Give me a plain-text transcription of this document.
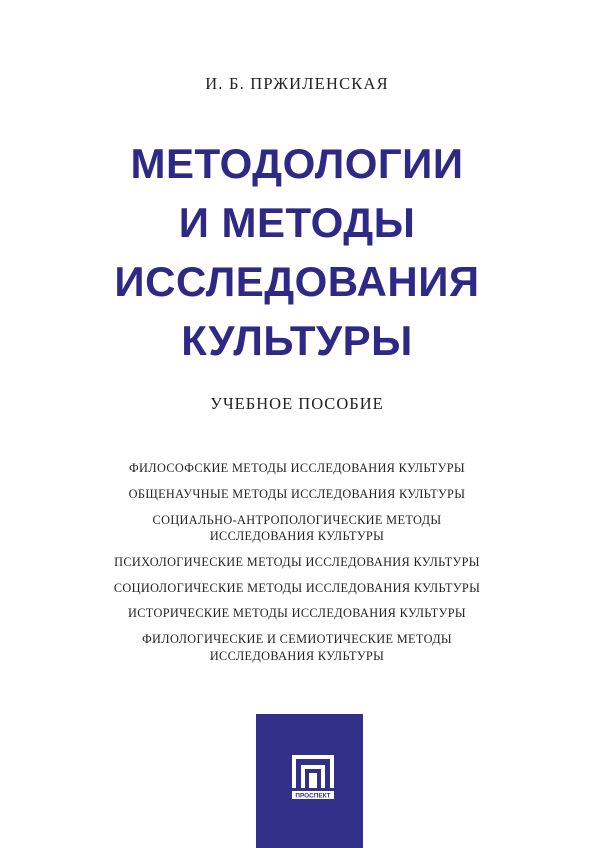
И. Б. ПРЖИЛЕНСКАЯ
МЕТОДОЛОГИИ
И МЕТОДЫ
ИССЛЕДОВАНИЯ
КУЛЬТУРЫ
УЧЕБНОЕ ПОСОБИЕ
ФИЛОСОФСКИЕ МЕТОДЫ ИССЛЕДОВАНИЯ КУЛЬТУРЫ
ОБЩЕНАУЧНЫЕ МЕТОДЫ ИССЛЕДОВАНИЯ КУЛЬТУРЫ
СОЦИАЛЬНО-АНТРОПОЛОГИЧЕСКИЕ МЕТОДЫ
ИССЛЕДОВАНИЯ КУЛЬТУРЫ
ПСИХОЛОГИЧЕСКИЕ МЕТОДЫ ИССЛЕДОВАНИЯ КУЛЬТУРЫ
СОЦИОЛОГИЧЕСКИЕ МЕТОДЫ ИССЛЕДОВАНИЯ КУЛЬТУРЫ
ИСТОРИЧЕСКИЕ МЕТОДЫ ИССЛЕДОВАНИЯ КУЛЬТУРЫ
ФИЛОЛОГИЧЕСКИЕ И СЕМИОТИЧЕСКИЕ МЕТОДЫ
ИССЛЕДОВАНИЯ КУЛЬТУРЫ
ПРОСПЕКТ
